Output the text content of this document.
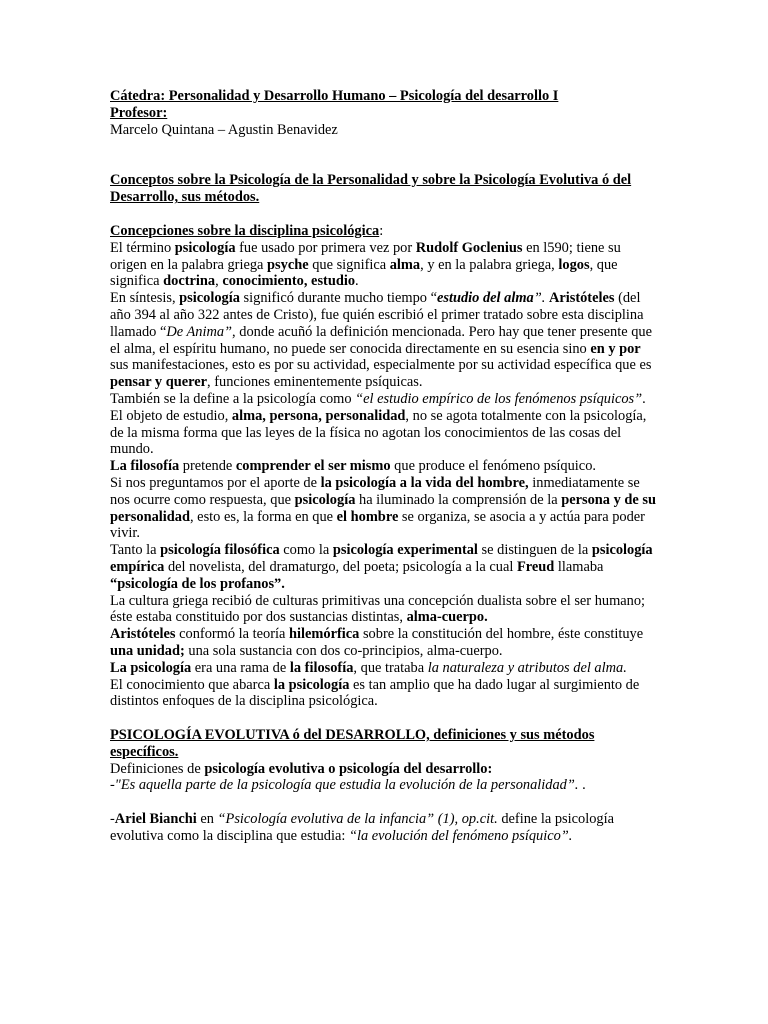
Cátedra: Personalidad y Desarrollo Humano – Psicología del desarrollo I

Profesor:

Marcelo Quintana – Agustin Benavidez

Conceptos sobre la Psicología de la Personalidad y sobre la Psicología Evolutiva ó del Desarrollo, sus métodos.

Concepciones sobre la disciplina psicológica:

El término psicología fue usado por primera vez por Rudolf Goclenius en l590; tiene su origen en la palabra griega psyche que significa alma, y en la palabra griega, logos, que significa doctrina, conocimiento, estudio.

En síntesis, psicología significó durante mucho tiempo “estudio del alma”. Aristóteles (del año 394 al año 322 antes de Cristo), fue quién escribió el primer tratado sobre esta disciplina llamado “De Anima”, donde acuñó la definición mencionada. Pero hay que tener presente que el alma, el espíritu humano, no puede ser conocida directamente en su esencia sino en y por sus manifestaciones, esto es por su actividad, especialmente por su actividad específica que es pensar y querer, funciones eminentemente psíquicas.

También se la define a la psicología como “el estudio empírico de los fenómenos psíquicos”.

El objeto de estudio, alma, persona, personalidad, no se agota totalmente con la psicología, de la misma forma que las leyes de la física no agotan los conocimientos de las cosas del mundo.

La filosofía pretende comprender el ser mismo que produce el fenómeno psíquico.

Si nos preguntamos por el aporte de la psicología a la vida del hombre, inmediatamente se nos ocurre como respuesta, que psicología ha iluminado la comprensión de la persona y de su personalidad, esto es, la forma en que el hombre se organiza, se asocia a y actúa para poder vivir.

Tanto la psicología filosófica como la psicología experimental se distinguen de la psicología empírica del novelista, del dramaturgo, del poeta; psicología a la cual Freud llamaba “psicología de los profanos”.

La cultura griega recibió de culturas primitivas una concepción dualista sobre el ser humano; éste estaba constituido por dos sustancias distintas, alma-cuerpo.

Aristóteles conformó la teoría hilemórfica sobre la constitución del hombre, éste constituye una unidad; una sola sustancia con dos co-principios, alma-cuerpo.

La psicología era una rama de la filosofía, que trataba la naturaleza y atributos del alma.

El conocimiento que abarca la psicología es tan amplio que ha dado lugar al surgimiento de distintos enfoques de la disciplina psicológica.

PSICOLOGÍA EVOLUTIVA ó del DESARROLLO, definiciones y sus métodos específicos.

Definiciones de psicología evolutiva o psicología del desarrollo:

-"Es aquella parte de la psicología que estudia la evolución de la personalidad”. .

-Ariel Bianchi en “Psicología evolutiva de la infancia” (1), op.cit. define la psicología evolutiva como la disciplina que estudia: “la evolución del fenómeno psíquico”.
